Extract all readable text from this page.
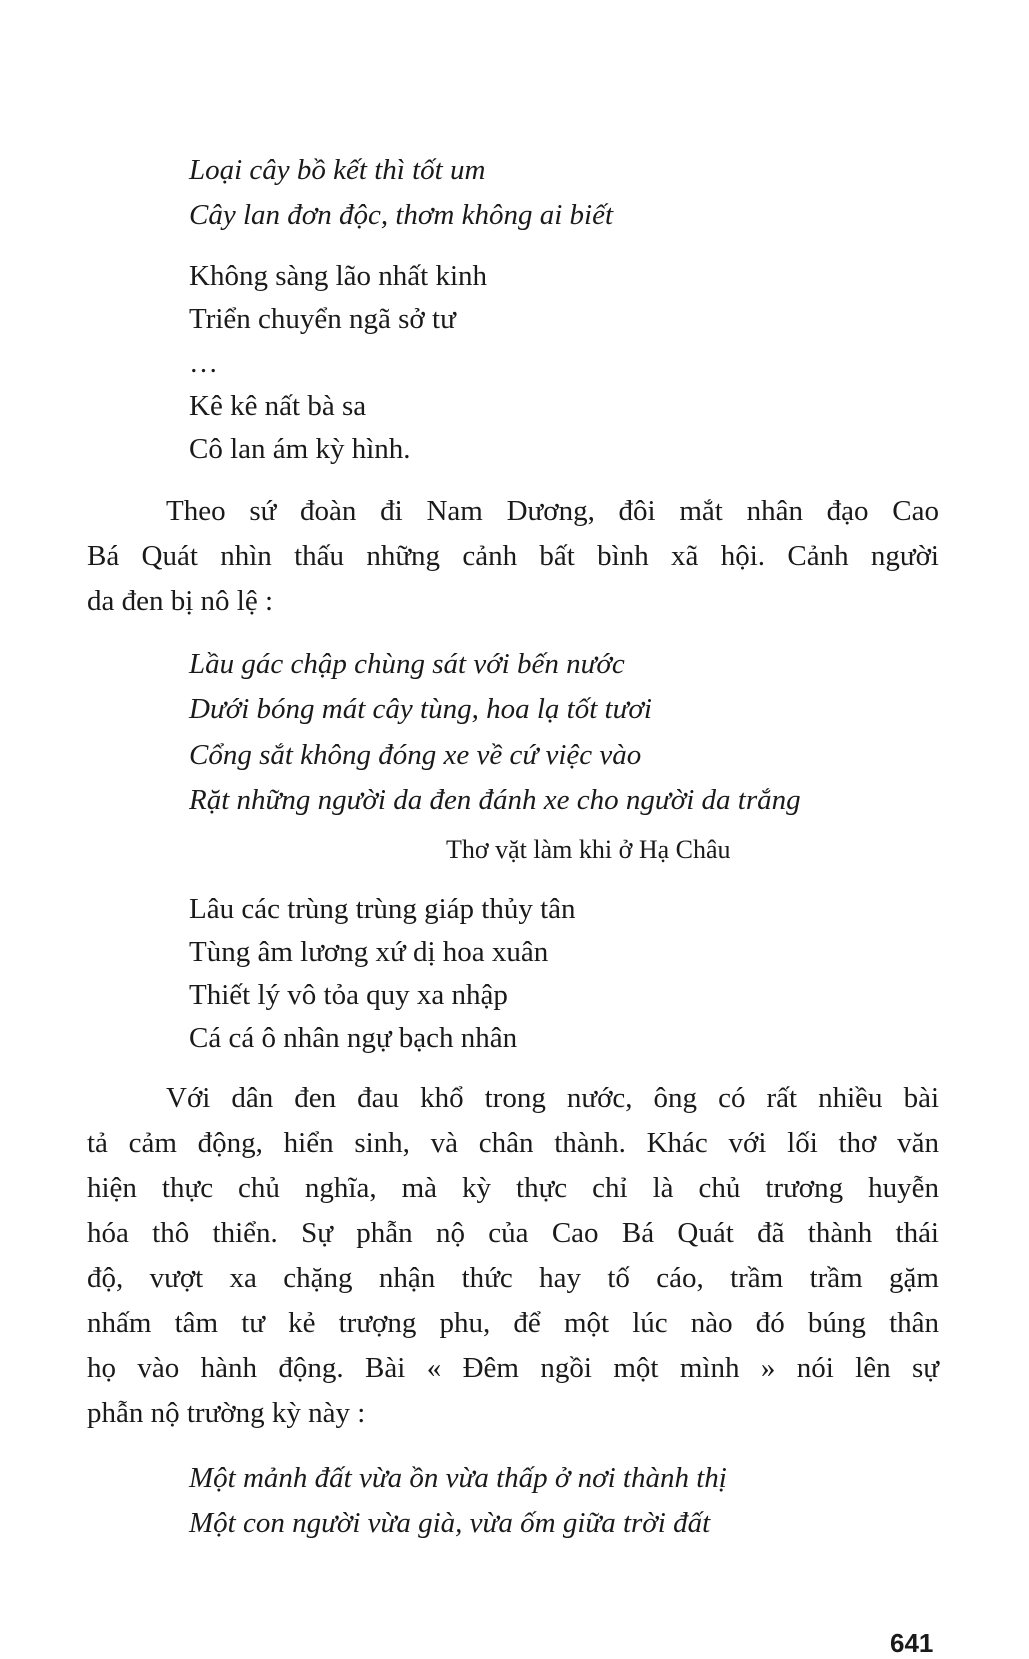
Loại cây bồ kết thì tốt um
Cây lan đơn độc, thơm không ai biết
Không sàng lão nhất kinh
Triển chuyển ngã sở tư
…
Kê kê nất bà sa
Cô lan ám kỳ hình.
Theo sứ đoàn đi Nam Dương, đôi mắt nhân đạo Cao
Bá Quát nhìn thấu những cảnh bất bình xã hội. Cảnh người
da đen bị nô lệ :
Lầu gác chập chùng sát với bến nước
Dưới bóng mát cây tùng, hoa lạ tốt tươi
Cổng sắt không đóng xe về cứ việc vào
Rặt những người da đen đánh xe cho người da trắng
Thơ vặt làm khi ở Hạ Châu
Lâu các trùng trùng giáp thủy tân
Tùng âm lương xứ dị hoa xuân
Thiết lý vô tỏa quy xa nhập
Cá cá ô nhân ngự bạch nhân
Với dân đen đau khổ trong nước, ông có rất nhiều bài
tả cảm động, hiển sinh, và chân thành. Khác với lối thơ văn
hiện thực chủ nghĩa, mà kỳ thực chỉ là chủ trương huyễn
hóa thô thiển. Sự phẫn nộ của Cao Bá Quát đã thành thái
độ, vượt xa chặng nhận thức hay tố cáo, trầm trầm gặm
nhấm tâm tư kẻ trượng phu, để một lúc nào đó búng thân
họ vào hành động. Bài « Đêm ngồi một mình » nói lên sự
phẫn nộ trường kỳ này :
Một mảnh đất vừa ồn vừa thấp ở nơi thành thị
Một con người vừa già, vừa ốm giữa trời đất
641
